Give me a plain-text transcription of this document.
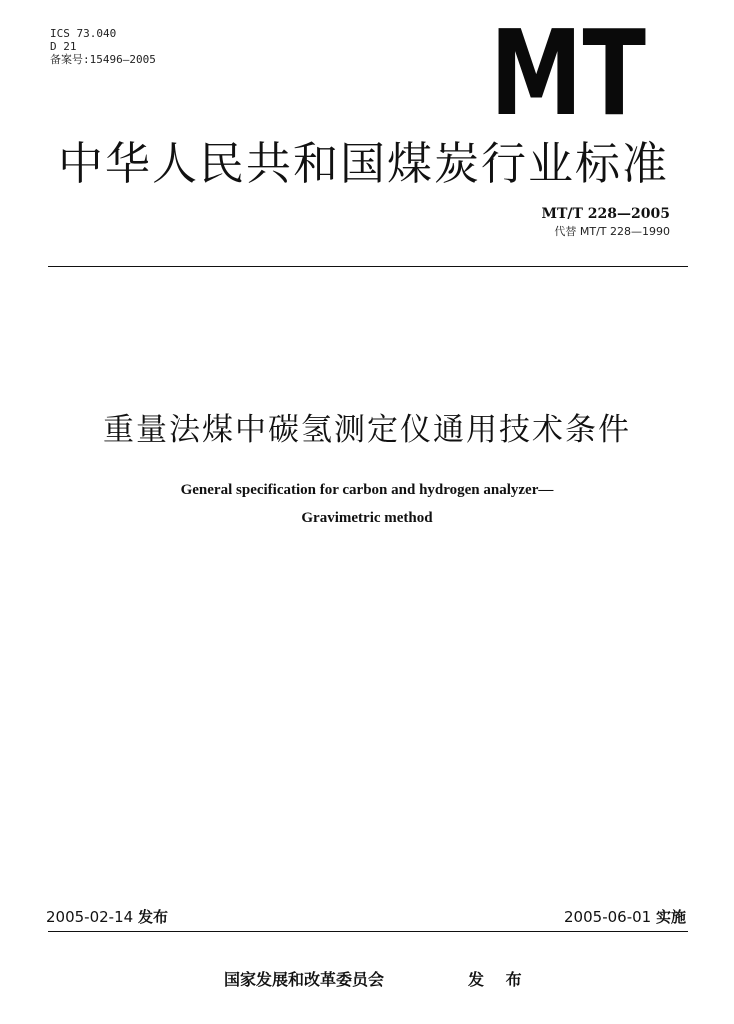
ICS 73.040
D 21
备案号:15496—2005	MT
中华人民共和国煤炭行业标准
MT/T 228—2005
代替 MT/T 228—1990
重量法煤中碳氢测定仪通用技术条件
General specification for carbon and hydrogen analyzer—
Gravimetric method
2005-02-14 发布	2005-06-01 实施
国家发展和改革委员会	发 布
